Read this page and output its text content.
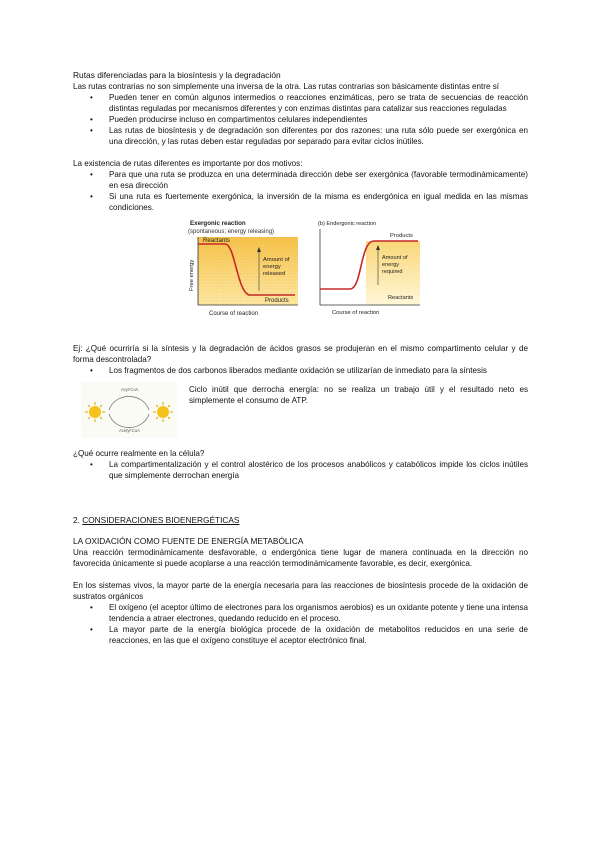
Rutas diferenciadas para la biosíntesis y la degradación

Las rutas contrarias no son simplemente una inversa de la otra. Las rutas contrarias son básicamente distintas entre sí

• Pueden tener en común algunos intermedios o reacciones enzimáticas, pero se trata de secuencias de reacción distintas reguladas por mecanismos diferentes y con enzimas distintas para catalizar sus reacciones reguladas
• Pueden producirse incluso en compartimentos celulares independientes
• Las rutas de biosíntesis y de degradación son diferentes por dos razones: una ruta sólo puede ser exergónica en una dirección, y las rutas deben estar reguladas por separado para evitar ciclos inútiles.

La existencia de rutas diferentes es importante por dos motivos:

• Para que una ruta se produzca en una determinada dirección debe ser exergónica (favorable termodinámicamente) en esa dirección
• Si una ruta es fuertemente exergónica, la inversión de la misma es endergónica en igual medida en las mismas condiciones.
Exergonic reaction
(spontaneous; energy releasing)
Reactants
Amount of
energy
released
Products
Free energy
Course of reaction
(b) Endergonic reaction
Products
Amount of
energy
required
Reactants
Course of reaction

Ej: ¿Qué ocurriría si la síntesis y la degradación de ácidos grasos se produjeran en el mismo compartimento celular y de forma descontrolada?

• Los fragmentos de dos carbonos liberados mediante oxidación se utilizarían de inmediato para la síntesis
Acyl-CoA
Acetyl-CoA

Ciclo inútil que derrocha energía: no se realiza un trabajo útil y el resultado neto es simplemente el consumo de ATP.

¿Qué ocurre realmente en la célula?

• La compartimentalización y el control alostérico de los procesos anabólicos y catabólicos impide los ciclos inútiles que simplemente derrochan energía

2. CONSIDERACIONES BIOENERGÉTICAS

LA OXIDACIÓN COMO FUENTE DE ENERGÍA METABÓLICA

Una reacción termodinámicamente desfavorable, o endergónica tiene lugar de manera continuada en la dirección no favorecida únicamente si puede acoplarse a una reacción termodinámicamente favorable, es decir, exergónica.

En los sistemas vivos, la mayor parte de la energía necesaria para las reacciones de biosíntesis procede de la oxidación de sustratos orgánicos

• El oxígeno (el aceptor último de electrones para los organismos aerobios) es un oxidante potente y tiene una intensa tendencia a atraer electrones, quedando reducido en el proceso.
• La mayor parte de la energía biológica procede de la oxidación de metabolitos reducidos en una serie de reacciones, en las que el oxígeno constituye el aceptor electrónico final.
